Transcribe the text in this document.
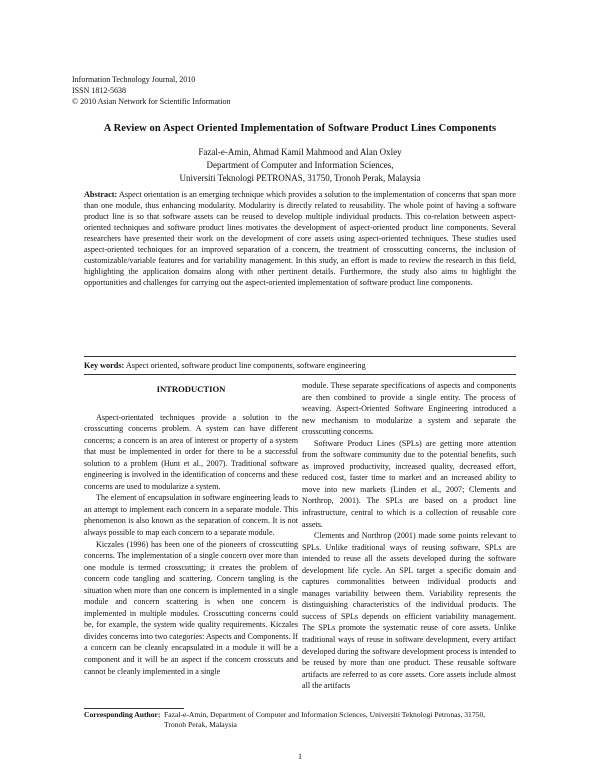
Information Technology Journal, 2010
ISSN 1812-5638
© 2010 Asian Network for Scientific Information
A Review on Aspect Oriented Implementation of Software Product Lines Components
Fazal-e-Amin, Ahmad Kamil Mahmood and Alan Oxley
Department of Computer and Information Sciences,
Universiti Teknologi PETRONAS, 31750, Tronoh Perak, Malaysia
Abstract: Aspect orientation is an emerging technique which provides a solution to the implementation of concerns that span more than one module, thus enhancing modularity. Modularity is directly related to reusability. The whole point of having a software product line is so that software assets can be reused to develop multiple individual products. This co-relation between aspect-oriented techniques and software product lines motivates the development of aspect-oriented product line components. Several researchers have presented their work on the development of core assets using aspect-oriented techniques. These studies used aspect-oriented techniques for an improved separation of a concern, the treatment of crosscutting concerns, the inclusion of customizable/variable features and for variability management. In this study, an effort is made to review the research in this field, highlighting the application domains along with other pertinent details. Furthermore, the study also aims to highlight the opportunities and challenges for carrying out the aspect-oriented implementation of software product line components.
Key words: Aspect oriented, software product line components, software engineering
INTRODUCTION

Aspect-orientated techniques provide a solution to the crosscutting concerns problem. A system can have different concerns; a concern is an area of interest or property of a system that must be implemented in order for there to be a successful solution to a problem (Hunt et al., 2007). Traditional software engineering is involved in the identification of concerns and these concerns are used to modularize a system.

The element of encapsulation in software engineering leads to an attempt to implement each concern in a separate module. This phenomenon is also known as the separation of concern. It is not always possible to map each concern to a separate module.

Kiczales (1996) has been one of the pioneers of crosscutting concerns. The implementation of a single concern over more than one module is termed crosscutting; it creates the problem of concern code tangling and scattering. Concern tangling is the situation when more than one concern is implemented in a single module and concern scattering is when one concern is implemented in multiple modules. Crosscutting concerns could be, for example, the system wide quality requirements. Kiczales divides concerns into two categories: Aspects and Components. If a concern can be cleanly encapsulated in a module it will be a component and it will be an aspect if the concern crosscuts and cannot be cleanly implemented in a single

module. These separate specifications of aspects and components are then combined to provide a single entity. The process of weaving. Aspect-Oriented Software Engineering introduced a new mechanism to modularize a system and separate the crosscutting concerns.

Software Product Lines (SPLs) are getting more attention from the software community due to the potential benefits, such as improved productivity, increased quality, decreased effort, reduced cost, faster time to market and an increased ability to move into new markets (Linden et al., 2007; Clements and Northrop, 2001). The SPLs are based on a product line infrastructure, central to which is a collection of reusable core assets.

Clements and Northrop (2001) made some points relevant to SPLs. Unlike traditional ways of reusing software, SPLs are intended to reuse all the assets developed during the software development life cycle. An SPL target a specific domain and captures commonalities between individual products and manages variability between them. Variability represents the distinguishing characteristics of the individual products. The success of SPLs depends on efficient variability management. The SPLs promote the systematic reuse of core assets. Unlike traditional ways of reuse in software development, every artifact developed during the software development process is intended to be reused by more than one product. These reusable software artifacts are referred to as core assets. Core assets include almost all the artifacts

Corresponding Author: Fazal-e-Amin, Department of Computer and Information Sciences, Universiti Teknologi Petronas, 31750, Tronoh Perak, Malaysia
1
